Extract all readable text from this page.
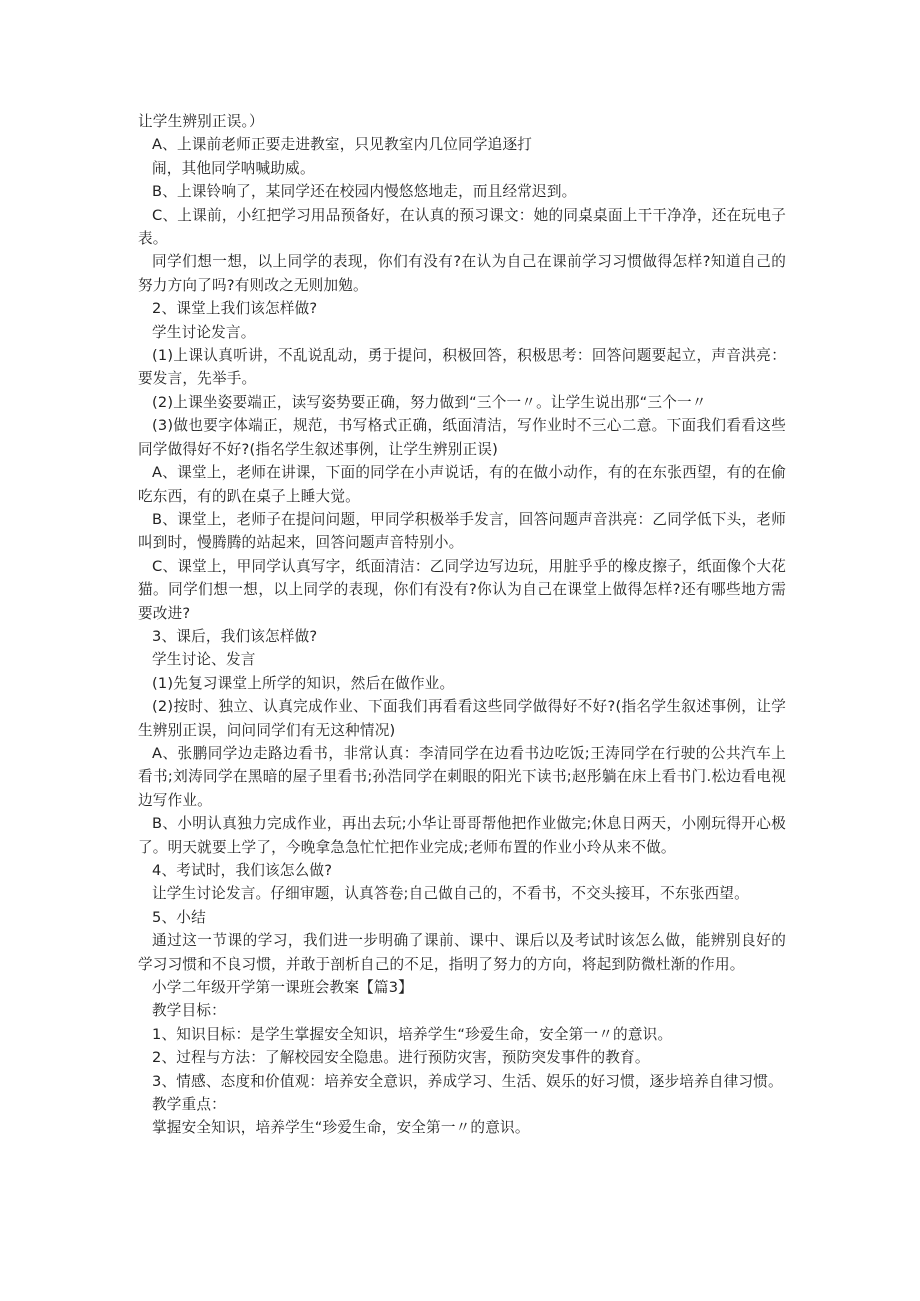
让学生辨别正误。）

A、上课前老师正要走进教室，只见教室内几位同学追逐打

闹，其他同学呐喊助威。

B、上课铃响了，某同学还在校园内慢悠悠地走，而且经常迟到。

C、上课前，小红把学习用品预备好，在认真的预习课文：她的同桌桌面上干干净净，还在玩电子表。

同学们想一想，以上同学的表现，你们有没有?在认为自己在课前学习习惯做得怎样?知道自己的努力方向了吗?有则改之无则加勉。

2、课堂上我们该怎样做?

学生讨论发言。

(1)上课认真听讲，不乱说乱动，勇于提问，积极回答，积极思考：回答问题要起立，声音洪亮：要发言，先举手。

(2)上课坐姿要端正，读写姿势要正确，努力做到“三个一〃。让学生说出那“三个一〃

(3)做也要字体端正，规范，书写格式正确，纸面清洁，写作业时不三心二意。下面我们看看这些同学做得好不好?(指名学生叙述事例，让学生辨别正误)

A、课堂上，老师在讲课，下面的同学在小声说话，有的在做小动作，有的在东张西望，有的在偷吃东西，有的趴在桌子上睡大觉。

B、课堂上，老师子在提问问题，甲同学积极举手发言，回答问题声音洪亮：乙同学低下头，老师叫到时，慢腾腾的站起来，回答问题声音特别小。

C、课堂上，甲同学认真写字，纸面清洁：乙同学边写边玩，用脏乎乎的橡皮擦子，纸面像个大花猫。同学们想一想，以上同学的表现，你们有没有?你认为自己在课堂上做得怎样?还有哪些地方需要改进?

3、课后，我们该怎样做?

学生讨论、发言

(1)先复习课堂上所学的知识，然后在做作业。

(2)按时、独立、认真完成作业、下面我们再看看这些同学做得好不好?(指名学生叙述事例，让学生辨别正误，问问同学们有无这种情况)

A、张鹏同学边走路边看书，非常认真：李清同学在边看书边吃饭;王涛同学在行驶的公共汽车上看书;刘涛同学在黑暗的屋子里看书;孙浩同学在刺眼的阳光下读书;赵彤躺在床上看书门.松边看电视边写作业。

B、小明认真独力完成作业，再出去玩;小华让哥哥帮他把作业做完;休息日两天，小刚玩得开心极了。明天就要上学了，今晚拿急急忙忙把作业完成;老师布置的作业小玲从来不做。

4、考试时，我们该怎么做?

让学生讨论发言。仔细审题，认真答卷;自己做自己的，不看书，不交头接耳，不东张西望。

5、小结

通过这一节课的学习，我们进一步明确了课前、课中、课后以及考试时该怎么做，能辨别良好的学习习惯和不良习惯，并敢于剖析自己的不足，指明了努力的方向，将起到防微杜渐的作用。

小学二年级开学第一课班会教案【篇3】

教学目标：

1、知识目标：是学生掌握安全知识，培养学生“珍爱生命，安全第一〃的意识。

2、过程与方法：了解校园安全隐患。进行预防灾害，预防突发事件的教育。

3、情感、态度和价值观：培养安全意识，养成学习、生活、娱乐的好习惯，逐步培养自律习惯。

教学重点：

掌握安全知识，培养学生“珍爱生命，安全第一〃的意识。
